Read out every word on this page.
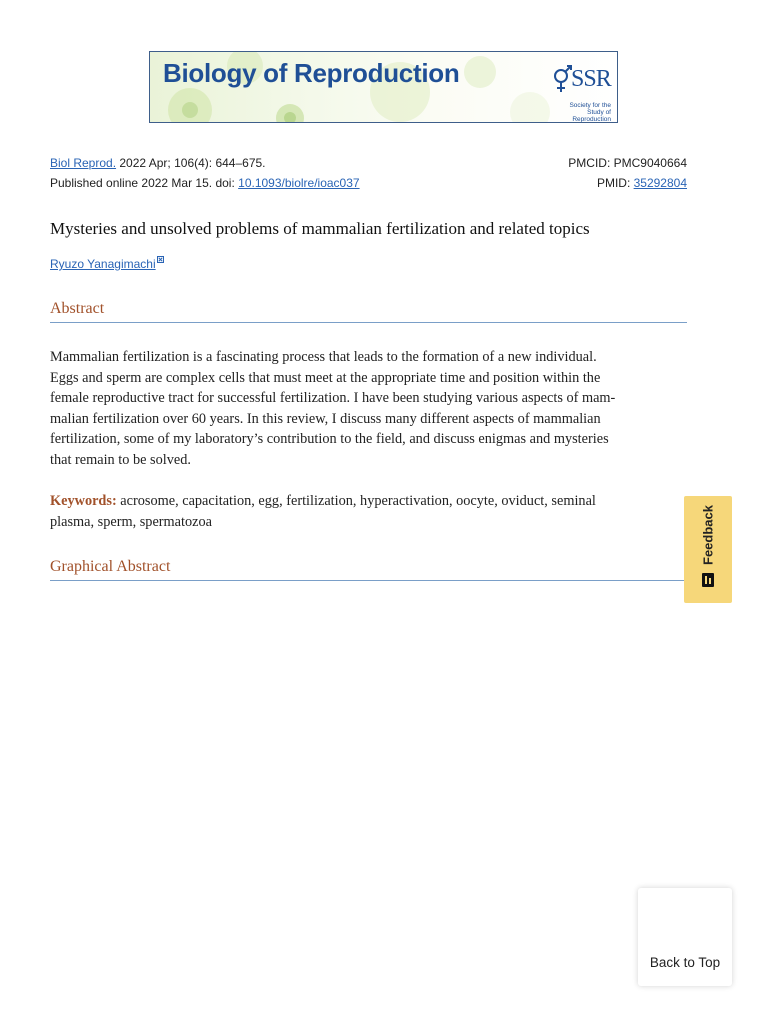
Biology of Reproduction	SSR
Society for the Study of Reproduction
Biol Reprod. 2022 Apr; 106(4): 644–675.
Published online 2022 Mar 15. doi: 10.1093/biolre/ioac037
PMCID: PMC9040664
PMID: 35292804
Mysteries and unsolved problems of mammalian fertilization and related topics
Ryuzo Yanagimachi
Abstract
Mammalian fertilization is a fascinating process that leads to the formation of a new individual.
Eggs and sperm are complex cells that must meet at the appropriate time and position within the
female reproductive tract for successful fertilization. I have been studying various aspects of mam-
malian fertilization over 60 years. In this review, I discuss many different aspects of mammalian
fertilization, some of my laboratory’s contribution to the field, and discuss enigmas and mysteries
that remain to be solved.
Keywords: acrosome, capacitation, egg, fertilization, hyperactivation, oocyte, oviduct, seminal
plasma, sperm, spermatozoa
Graphical Abstract
Feedback
Back to Top
